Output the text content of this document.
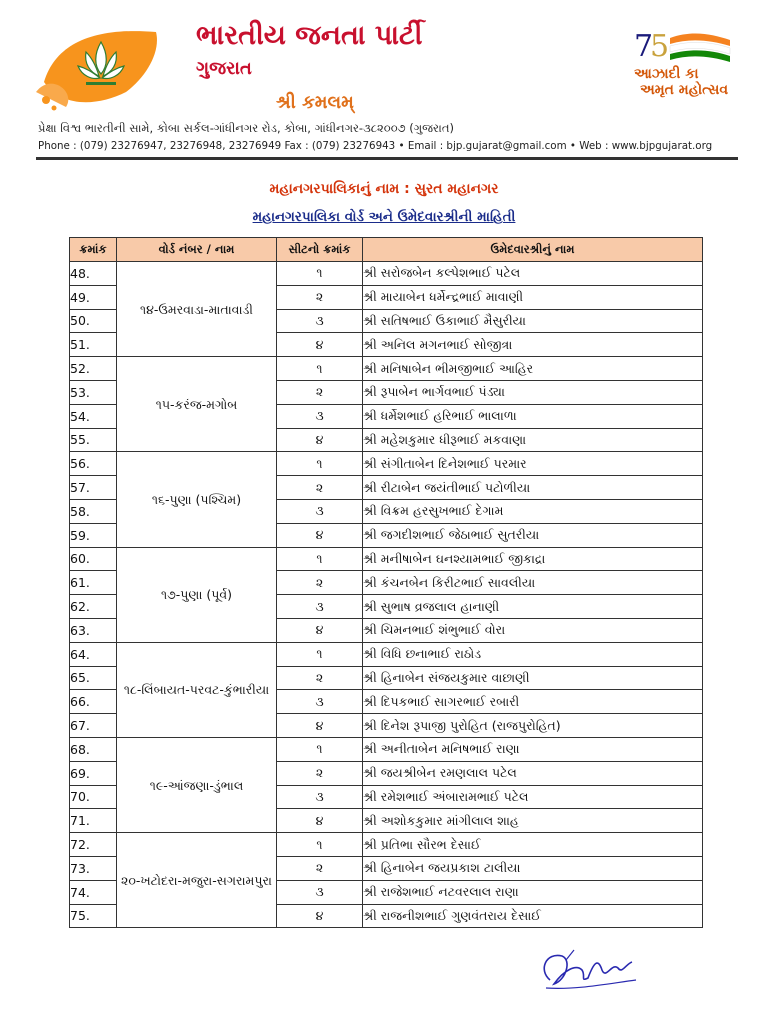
ભારતીય જનતા પાર્ટી
ગુજરાત
શ્રી કમલમ્
7
5
આઝાદી કા
અમૃત મહોત્સવ
પ્રેક્ષા વિશ્વ ભારતીની સામે, કોબા સર્કલ-ગાંધીનગર રોડ, કોબા, ગાંધીનગર-૩૮૨૦૦૭ (ગુજરાત)
Phone : (079) 23276947, 23276948, 23276949 Fax : (079) 23276943 • Email : bjp.gujarat@gmail.com • Web : www.bjpgujarat.org
મહાનગરપાલિકાનું નામ : સુરત મહાનગર
મહાનગરપાલિકા વોર્ડ અને ઉમેદવારશ્રીની માહિતી
ક્રમાંક	વોર્ડ નંબર / નામ	સીટનો ક્રમાંક	ઉમેદવારશ્રીનું નામ
48.	૧૪-ઉમરવાડા-માતાવાડી	૧	શ્રી સરોજબેન કલ્પેશભાઈ પટેલ
49.		૨	શ્રી માયાબેન ધર્મેન્દ્રભાઈ માવાણી
50.		૩	શ્રી સતિષભાઈ ઉકાભાઈ મૈસુરીયા
51.		૪	શ્રી અનિલ મગનભાઈ સોજીત્રા
52.	૧૫-કરંજ-મગોબ	૧	શ્રી મનિષાબેન ભીમજીભાઈ આહિર
53.		૨	શ્રી રૂપાબેન ભાર્ગવભાઈ પંડ્યા
54.		૩	શ્રી ધર્મેશભાઈ હરિભાઈ ભાલાળા
55.		૪	શ્રી મહેશકુમાર ધીરૂભાઈ મકવાણા
56.	૧૬-પુણા (પશ્ચિમ)	૧	શ્રી સંગીતાબેન દિનેશભાઈ પરમાર
57.		૨	શ્રી રીટાબેન જયંતીભાઈ પટોળીયા
58.		૩	શ્રી વિક્રમ હરસુખભાઈ દેગામ
59.		૪	શ્રી જગદીશભાઈ જેઠાભાઈ સુતરીયા
60.	૧૭-પુણા (પૂર્વ)	૧	શ્રી મનીષાબેન ઘનશ્યામભાઈ જીકાદ્રા
61.		૨	શ્રી કંચનબેન કિરીટભાઈ સાવલીયા
62.		૩	શ્રી સુભાષ વ્રજલાલ હાનાણી
63.		૪	શ્રી ચિમનભાઈ શંભુભાઈ વોરા
64.	૧૮-લિંબાયત-પરવટ-કુંભારીયા	૧	શ્રી વિધિ છનાભાઈ રાઠોડ
65.		૨	શ્રી હિનાબેન સંજયકુમાર વાછાણી
66.		૩	શ્રી દિપકભાઈ સાગરભાઈ રબારી
67.		૪	શ્રી દિનેશ રૂપાજી પુરોહિત (રાજપુરોહિત)
68.	૧૯-આંજણા-ડુંભાલ	૧	શ્રી અનીતાબેન મનિષભાઈ રાણા
69.		૨	શ્રી જયશ્રીબેન રમણલાલ પટેલ
70.		૩	શ્રી રમેશભાઈ અંબારામભાઈ પટેલ
71.		૪	શ્રી અશોકકુમાર માંગીલાલ શાહ
72.	૨૦-ખટોદરા-મજુરા-સગરામપુરા	૧	શ્રી પ્રતિભા સૌરભ દેસાઈ
73.		૨	શ્રી હિનાબેન જયપ્રકાશ ટાલીયા
74.		૩	શ્રી રાજેશભાઈ નટવરલાલ રાણા
75.		૪	શ્રી રાજનીશભાઈ ગુણવંતરાય દેસાઈ
